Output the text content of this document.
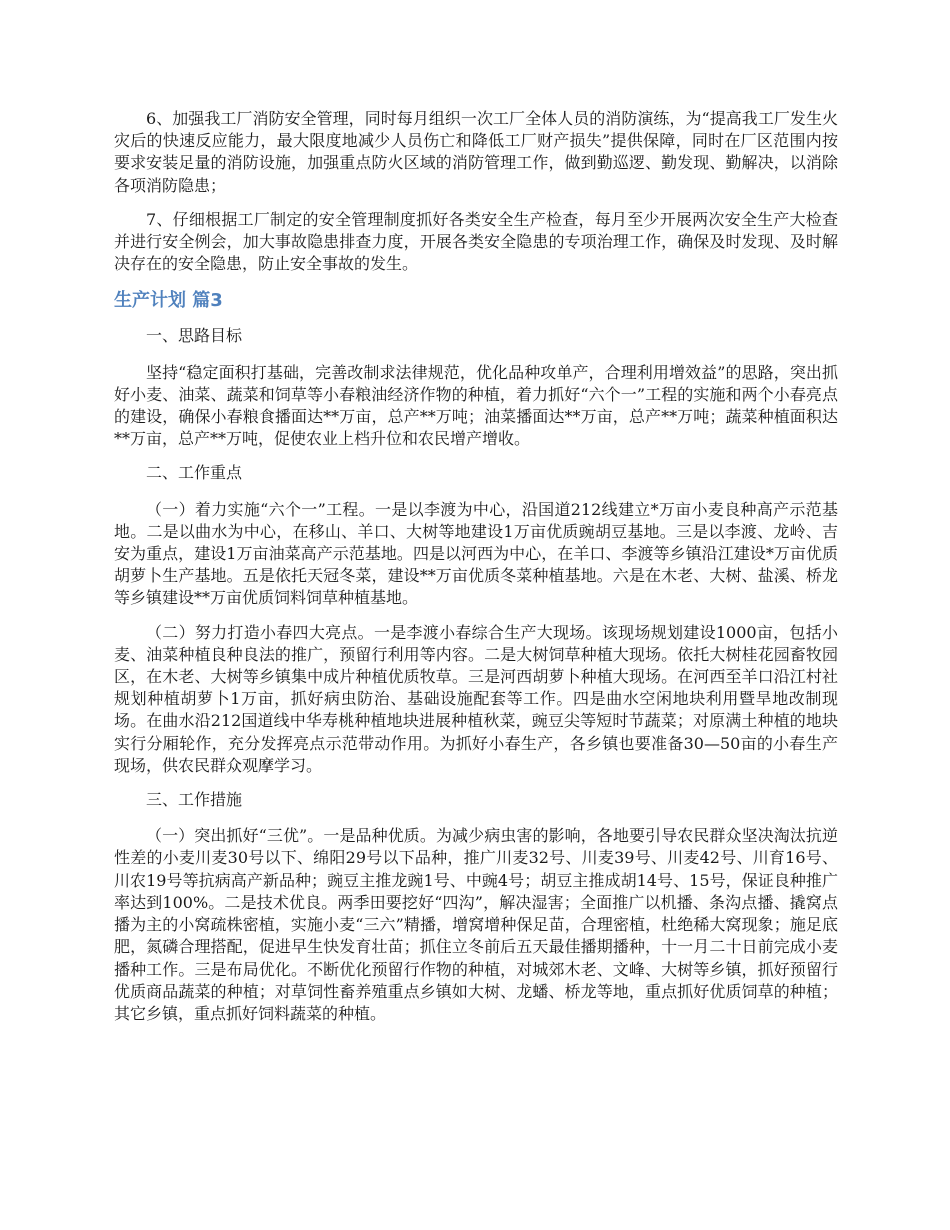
6、加强我工厂消防安全管理，同时每月组织一次工厂全体人员的消防演练，为“提高我工厂发生火灾后的快速反应能力，最大限度地减少人员伤亡和降低工厂财产损失”提供保障，同时在厂区范围内按要求安装足量的消防设施，加强重点防火区域的消防管理工作，做到勤巡逻、勤发现、勤解决，以消除各项消防隐患；

7、仔细根据工厂制定的安全管理制度抓好各类安全生产检查，每月至少开展两次安全生产大检查并进行安全例会，加大事故隐患排查力度，开展各类安全隐患的专项治理工作，确保及时发现、及时解决存在的安全隐患，防止安全事故的发生。

生产计划 篇3

一、思路目标

坚持“稳定面积打基础，完善改制求法律规范，优化品种攻单产，合理利用增效益”的思路，突出抓好小麦、油菜、蔬菜和饲草等小春粮油经济作物的种植，着力抓好“六个一”工程的实施和两个小春亮点的建设，确保小春粮食播面达**万亩，总产**万吨；油菜播面达**万亩，总产**万吨；蔬菜种植面积达**万亩，总产**万吨，促使农业上档升位和农民增产增收。

二、工作重点

（一）着力实施“六个一”工程。一是以李渡为中心，沿国道212线建立*万亩小麦良种高产示范基地。二是以曲水为中心，在移山、羊口、大树等地建设1万亩优质豌胡豆基地。三是以李渡、龙岭、吉安为重点，建设1万亩油菜高产示范基地。四是以河西为中心，在羊口、李渡等乡镇沿江建设*万亩优质胡萝卜生产基地。五是依托天冠冬菜，建设**万亩优质冬菜种植基地。六是在木老、大树、盐溪、桥龙等乡镇建设**万亩优质饲料饲草种植基地。

（二）努力打造小春四大亮点。一是李渡小春综合生产大现场。该现场规划建设1000亩，包括小麦、油菜种植良种良法的推广，预留行利用等内容。二是大树饲草种植大现场。依托大树桂花园畜牧园区，在木老、大树等乡镇集中成片种植优质牧草。三是河西胡萝卜种植大现场。在河西至羊口沿江村社规划种植胡萝卜1万亩，抓好病虫防治、基础设施配套等工作。四是曲水空闲地块利用暨旱地改制现场。在曲水沿212国道线中华寿桃种植地块进展种植秋菜，豌豆尖等短时节蔬菜；对原满土种植的地块实行分厢轮作，充分发挥亮点示范带动作用。为抓好小春生产，各乡镇也要准备30—50亩的小春生产现场，供农民群众观摩学习。

三、工作措施

（一）突出抓好“三优”。一是品种优质。为减少病虫害的影响，各地要引导农民群众坚决淘汰抗逆性差的小麦川麦30号以下、绵阳29号以下品种，推广川麦32号、川麦39号、川麦42号、川育16号、川农19号等抗病高产新品种；豌豆主推龙豌1号、中豌4号；胡豆主推成胡14号、15号，保证良种推广率达到100%。二是技术优良。两季田要挖好“四沟”，解决湿害；全面推广以机播、条沟点播、撬窝点播为主的小窝疏株密植，实施小麦“三六”精播，增窝增种保足苗，合理密植，杜绝稀大窝现象；施足底肥，氮磷合理搭配，促进早生快发育壮苗；抓住立冬前后五天最佳播期播种，十一月二十日前完成小麦播种工作。三是布局优化。不断优化预留行作物的种植，对城郊木老、文峰、大树等乡镇，抓好预留行优质商品蔬菜的种植；对草饲性畜养殖重点乡镇如大树、龙蟠、桥龙等地，重点抓好优质饲草的种植；其它乡镇，重点抓好饲料蔬菜的种植。
